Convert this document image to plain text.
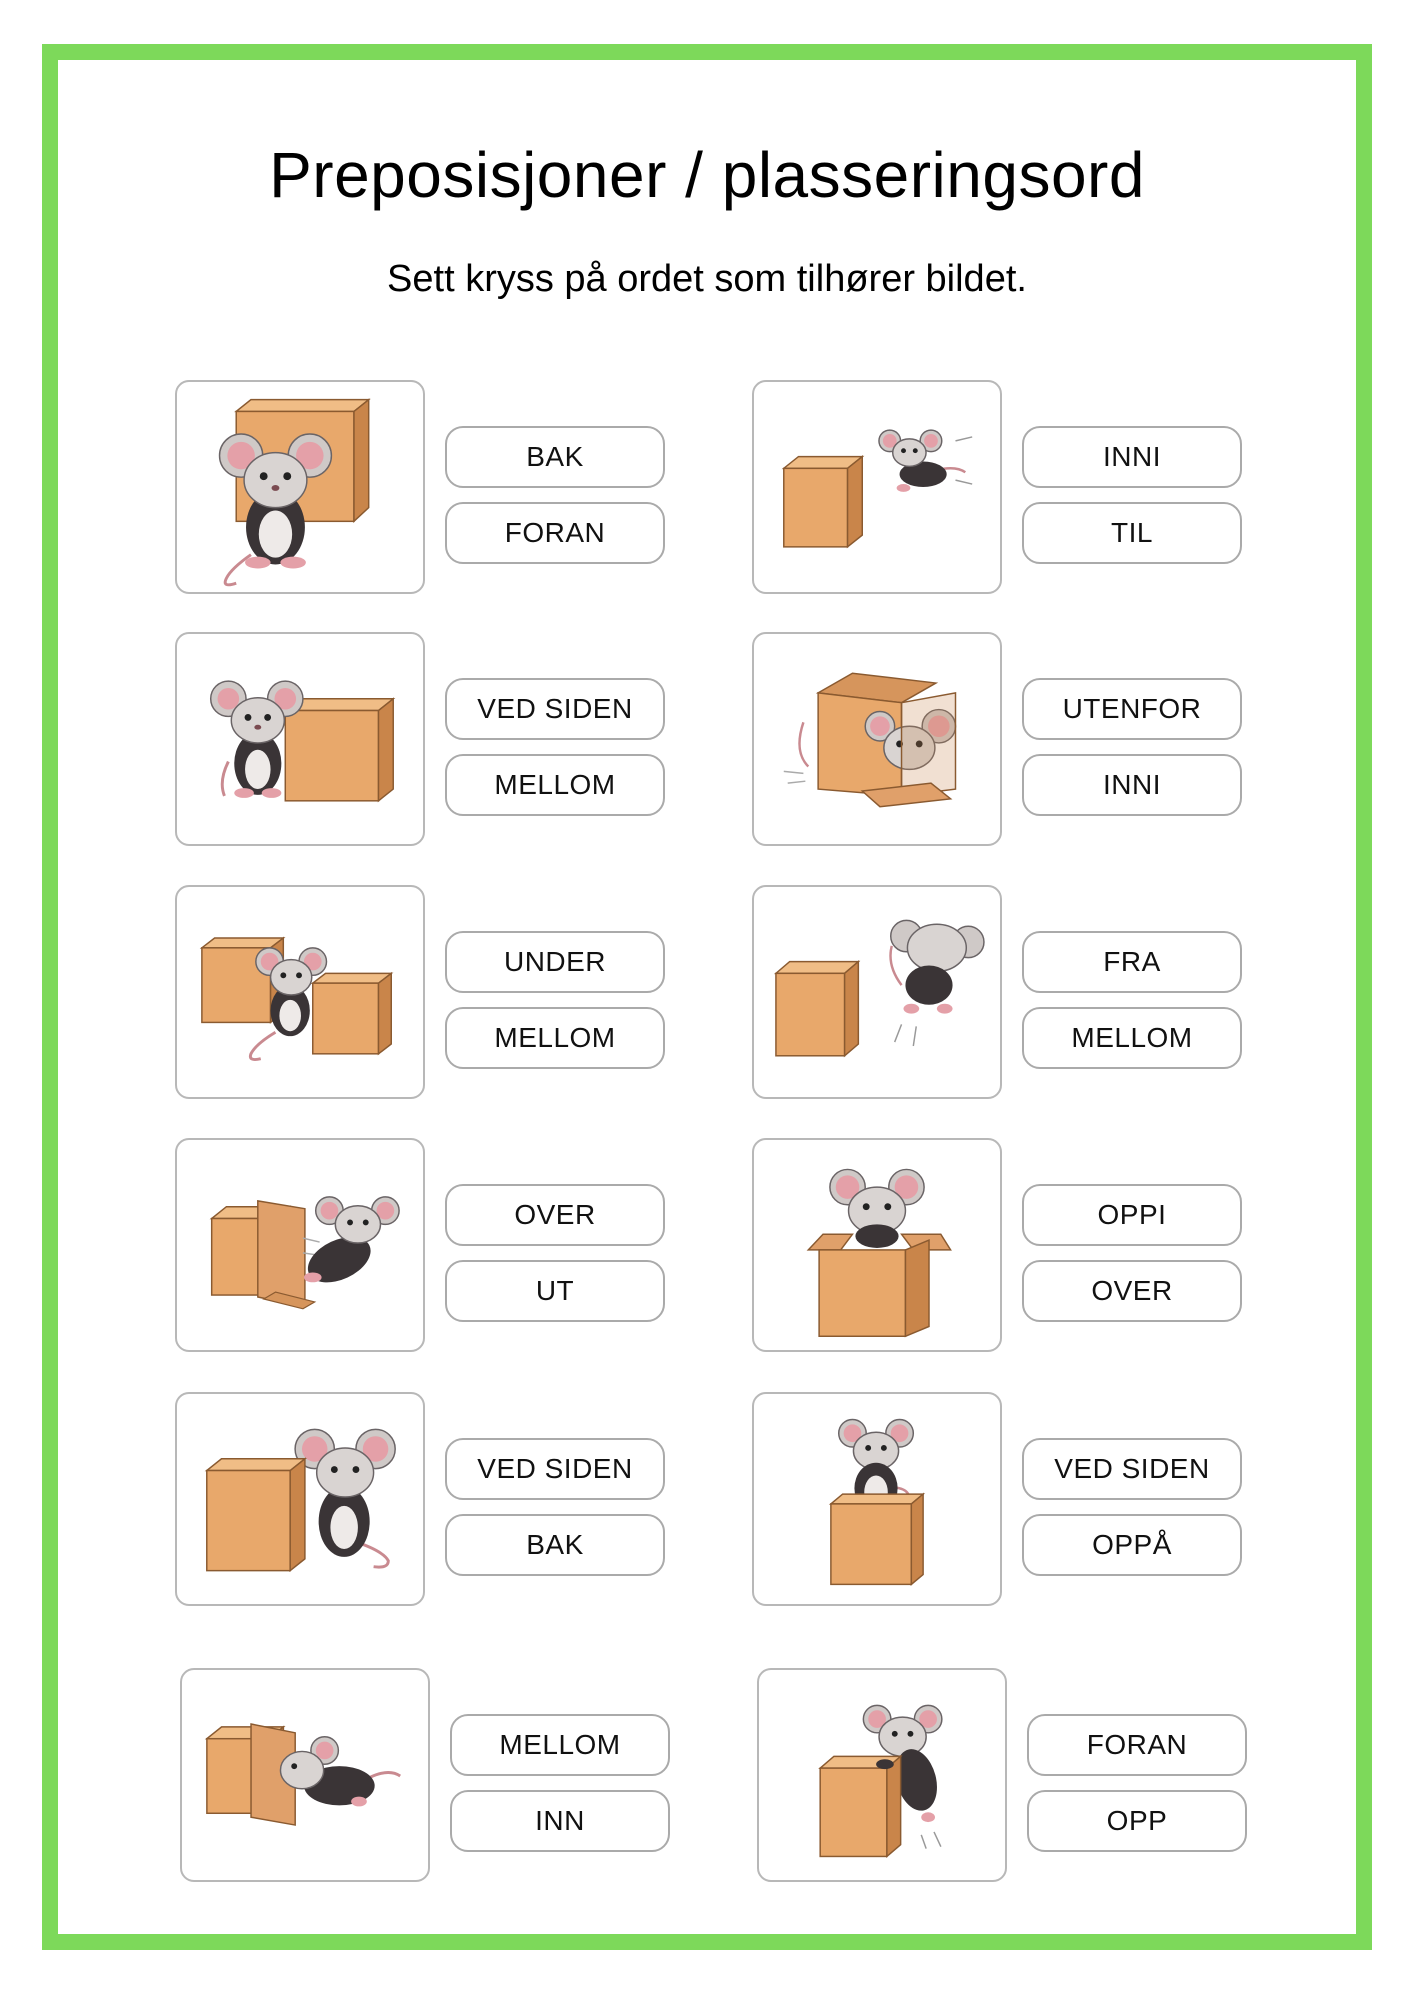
Preposisjoner / plasseringsord

Sett kryss på ordet som tilhører bildet.

BAK
FORAN
VED SIDEN
MELLOM
UNDER
MELLOM
OVER
UT
VED SIDEN
BAK
MELLOM
INN
INNI
TIL
UTENFOR
INNI
FRA
MELLOM
OPPI
OVER
VED SIDEN
OPPÅ
FORAN
OPP
